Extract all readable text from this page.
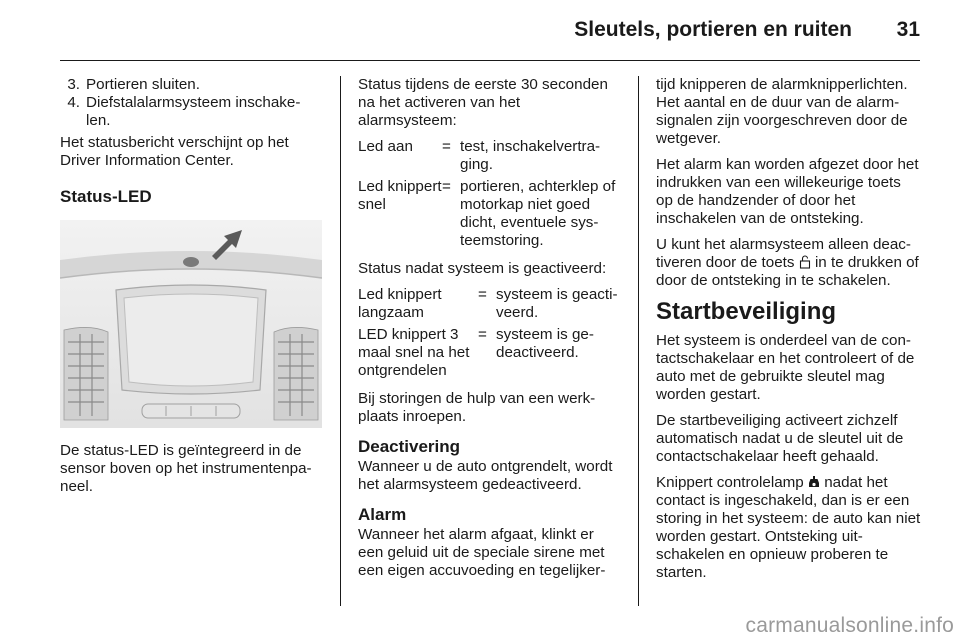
Sleutels, portieren en ruiten 31
3. Portieren sluiten.
4. Diefstalalarmsysteem inschake-len.

Het statusbericht verschijnt op het Driver Information Center.

Status-LED

De status-LED is geïntegreerd in de sensor boven op het instrumentenpa-neel.

Status tijdens de eerste 30 seconden na het activeren van het alarmsysteem:

Led aan	= test, inschakelvertra-ging.
Led knippert snel
= portieren, achterklep of motorkap niet goed dicht, eventuele sys-teemstoring.

Status nadat systeem is geactiveerd:

Led knippert langzaam
= systeem is geacti-veerd.
LED knippert 3 maal snel na het ontgrendelen
= systeem is ge-deactiveerd.

Bij storingen de hulp van een werk-plaats inroepen.

Deactivering

Wanneer u de auto ontgrendelt, wordt het alarmsysteem gedeactiveerd.

Alarm

Wanneer het alarm afgaat, klinkt er een geluid uit de speciale sirene met een eigen accuvoeding en tegelijker-

tijd knipperen de alarmknipperlichten. Het aantal en de duur van de alarm-signalen zijn voorgeschreven door de wetgever.

Het alarm kan worden afgezet door het indrukken van een willekeurige toets op de handzender of door het inschakelen van de ontsteking.

U kunt het alarmsysteem alleen deac-tiveren door de toets in te drukken of door de ontsteking in te schakelen.

Startbeveiliging

Het systeem is onderdeel van de con-tactschakelaar en het controleert of de auto met de gebruikte sleutel mag worden gestart.

De startbeveiliging activeert zichzelf automatisch nadat u de sleutel uit de contactschakelaar heeft gehaald.

Knippert controlelamp nadat het contact is ingeschakeld, dan is er een storing in het systeem: de auto kan niet worden gestart. Ontsteking uit-schakelen en opnieuw proberen te starten.

carmanualsonline.info
